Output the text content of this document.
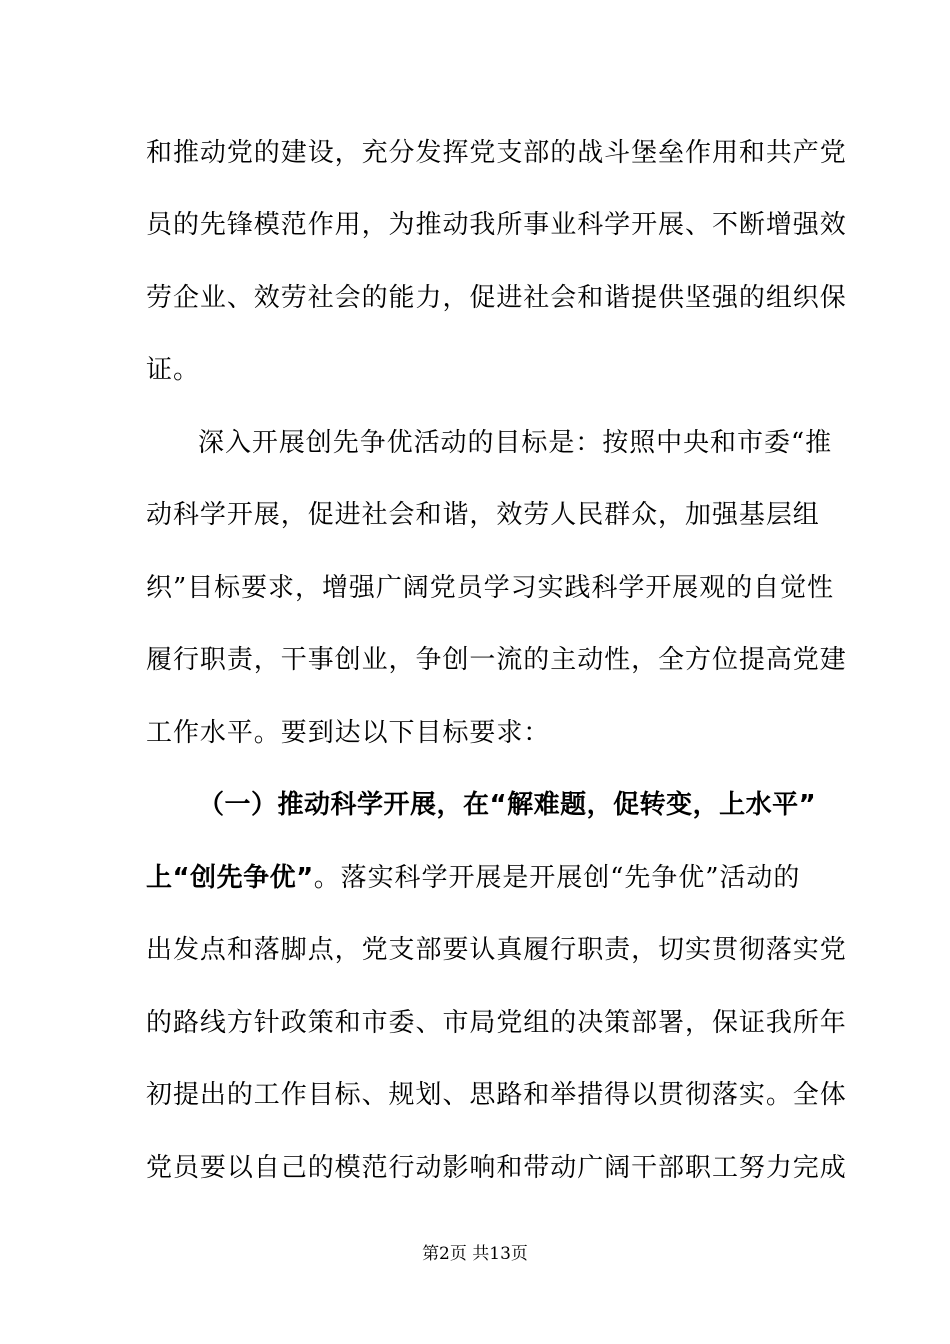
和推动党的建设，充分发挥党支部的战斗堡垒作用和共产党
员的先锋模范作用，为推动我所事业科学开展、不断增强效
劳企业、效劳社会的能力，促进社会和谐提供坚强的组织保
证。
深入开展创先争优活动的目标是：按照中央和市委“推
动科学开展，促进社会和谐，效劳人民群众，加强基层组
织”目标要求，增强广阔党员学习实践科学开展观的自觉性
履行职责，干事创业，争创一流的主动性，全方位提高党建
工作水平。要到达以下目标要求：
（一）推动科学开展，在“解难题，促转变，上水平”
上“创先争优”。落实科学开展是开展创“先争优”活动的
出发点和落脚点，党支部要认真履行职责，切实贯彻落实党
的路线方针政策和市委、市局党组的决策部署，保证我所年
初提出的工作目标、规划、思路和举措得以贯彻落实。全体
党员要以自己的模范行动影响和带动广阔干部职工努力完成
第2页 共13页
